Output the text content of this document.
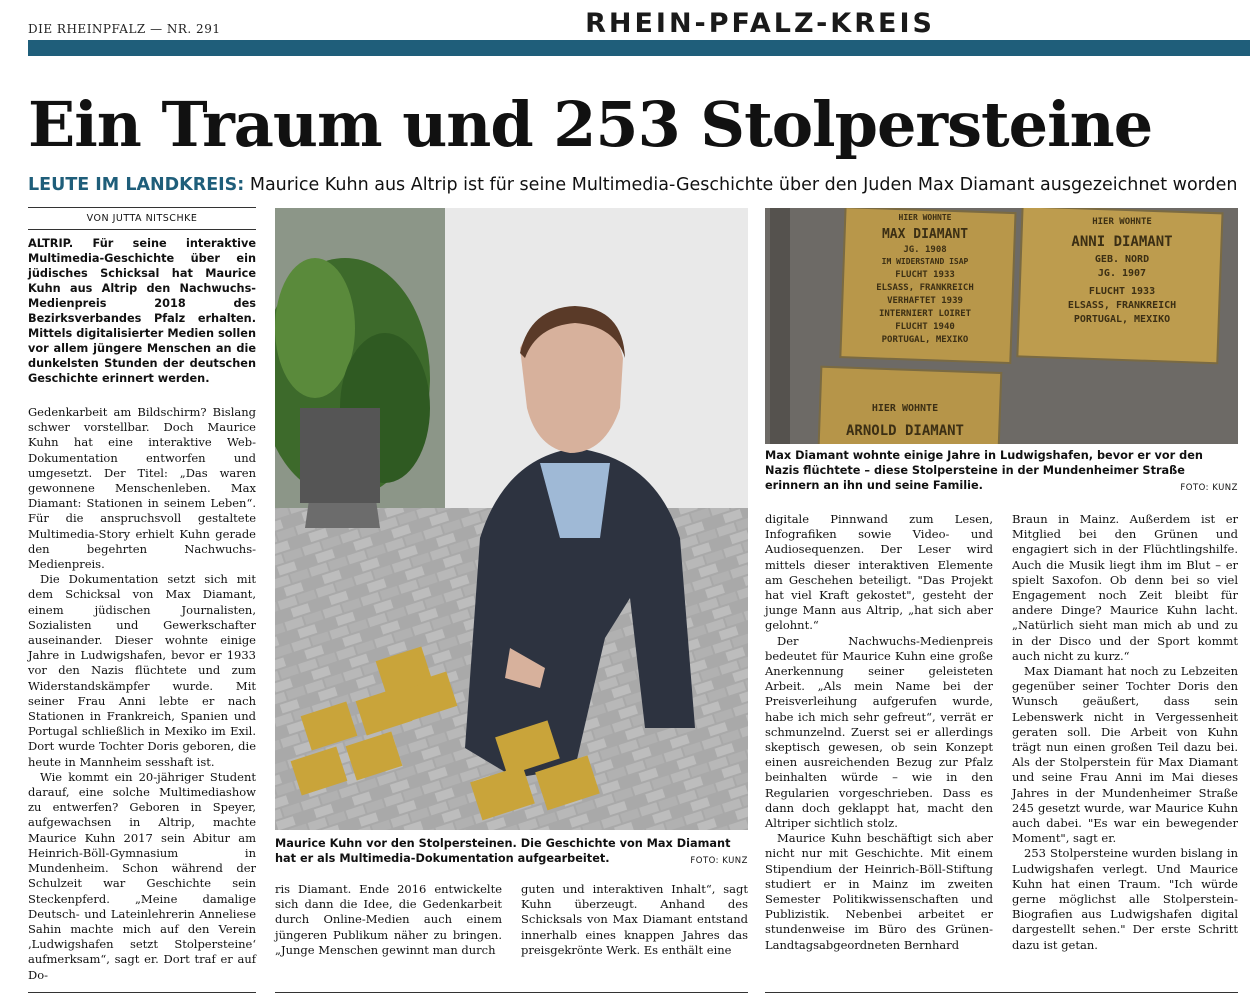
DIE RHEINPFALZ — NR. 291	RHEIN-PFALZ-KREIS
Ein Traum und 253 Stolpersteine
LEUTE IM LANDKREIS: Maurice Kuhn aus Altrip ist für seine Multimedia-Geschichte über den Juden Max Diamant ausgezeichnet worden
VON JUTTA NITSCHKE
ALTRIP. Für seine interaktive Multimedia-Geschichte über ein jüdisches Schicksal hat Maurice Kuhn aus Altrip den Nachwuchs-Medienpreis 2018 des Bezirksverbandes Pfalz erhalten. Mittels digitalisierter Medien sollen vor allem jüngere Menschen an die dunkelsten Stunden der deutschen Geschichte erinnert werden.

Gedenkarbeit am Bildschirm? Bislang schwer vorstellbar. Doch Maurice Kuhn hat eine interaktive Web-Dokumentation entworfen und umgesetzt. Der Titel: „Das waren gewonnene Menschenleben. Max Diamant: Stationen in seinem Leben“. Für die anspruchsvoll gestaltete Multimedia-Story erhielt Kuhn gerade den begehrten Nachwuchs-Medienpreis.

Die Dokumentation setzt sich mit dem Schicksal von Max Diamant, einem jüdischen Journalisten, Sozialisten und Gewerkschafter auseinander. Dieser wohnte einige Jahre in Ludwigshafen, bevor er 1933 vor den Nazis flüchtete und zum Widerstandskämpfer wurde. Mit seiner Frau Anni lebte er nach Stationen in Frankreich, Spanien und Portugal schließlich in Mexiko im Exil. Dort wurde Tochter Doris geboren, die heute in Mannheim sesshaft ist.

Wie kommt ein 20-jähriger Student darauf, eine solche Multimediashow zu entwerfen? Geboren in Speyer, aufgewachsen in Altrip, machte Maurice Kuhn 2017 sein Abitur am Heinrich-Böll-Gymnasium in Mundenheim. Schon während der Schulzeit war Geschichte sein Steckenpferd. „Meine damalige Deutsch- und Lateinlehrerin Anneliese Sahin machte mich auf den Verein ‚Ludwigshafen setzt Stolpersteine‘ aufmerksam“, sagt er. Dort traf er auf Do-

Maurice Kuhn vor den Stolpersteinen. Die Geschichte von Max Diamant hat er als Multimedia-Dokumentation aufgearbeitet.	FOTO: KUNZ

ris Diamant. Ende 2016 entwickelte sich dann die Idee, die Gedenkarbeit durch Online-Medien auch einem jüngeren Publikum näher zu bringen. „Junge Menschen gewinnt man durch

guten und interaktiven Inhalt“, sagt Kuhn überzeugt. Anhand des Schicksals von Max Diamant entstand innerhalb eines knappen Jahres das preisgekrönte Werk. Es enthält eine

HIER WOHNTE
MAX DIAMANT
JG. 1908
IM WIDERSTAND ISAP
FLUCHT 1933
ELSASS, FRANKREICH
VERHAFTET 1939
INTERNIERT LOIRET
FLUCHT 1940
PORTUGAL, MEXIKO
HIER WOHNTE
ANNI DIAMANT
GEB. NORD
JG. 1907
FLUCHT 1933
ELSASS, FRANKREICH
PORTUGAL, MEXIKO
HIER WOHNTE
ARNOLD DIAMANT
Max Diamant wohnte einige Jahre in Ludwigshafen, bevor er vor den Nazis flüchtete – diese Stolpersteine in der Mundenheimer Straße erinnern an ihn und seine Familie.	FOTO: KUNZ

digitale Pinnwand zum Lesen, Infografiken sowie Video- und Audiosequenzen. Der Leser wird mittels dieser interaktiven Elemente am Geschehen beteiligt. "Das Projekt hat viel Kraft gekostet", gesteht der junge Mann aus Altrip, „hat sich aber gelohnt.“

Der Nachwuchs-Medienpreis bedeutet für Maurice Kuhn eine große Anerkennung seiner geleisteten Arbeit. „Als mein Name bei der Preisverleihung aufgerufen wurde, habe ich mich sehr gefreut“, verrät er schmunzelnd. Zuerst sei er allerdings skeptisch gewesen, ob sein Konzept einen ausreichenden Bezug zur Pfalz beinhalten würde – wie in den Regularien vorgeschrieben. Dass es dann doch geklappt hat, macht den Altriper sichtlich stolz.

Maurice Kuhn beschäftigt sich aber nicht nur mit Geschichte. Mit einem Stipendium der Heinrich-Böll-Stiftung studiert er in Mainz im zweiten Semester Politikwissenschaften und Publizistik. Nebenbei arbeitet er stundenweise im Büro des Grünen-Landtagsabgeordneten Bernhard

Braun in Mainz. Außerdem ist er Mitglied bei den Grünen und engagiert sich in der Flüchtlingshilfe. Auch die Musik liegt ihm im Blut – er spielt Saxofon. Ob denn bei so viel Engagement noch Zeit bleibt für andere Dinge? Maurice Kuhn lacht. „Natürlich sieht man mich ab und zu in der Disco und der Sport kommt auch nicht zu kurz.“

Max Diamant hat noch zu Lebzeiten gegenüber seiner Tochter Doris den Wunsch geäußert, dass sein Lebenswerk nicht in Vergessenheit geraten soll. Die Arbeit von Kuhn trägt nun einen großen Teil dazu bei. Als der Stolperstein für Max Diamant und seine Frau Anni im Mai dieses Jahres in der Mundenheimer Straße 245 gesetzt wurde, war Maurice Kuhn auch dabei. "Es war ein bewegender Moment", sagt er.

253 Stolpersteine wurden bislang in Ludwigshafen verlegt. Und Maurice Kuhn hat einen Traum. "Ich würde gerne möglichst alle Stolperstein-Biografien aus Ludwigshafen digital dargestellt sehen." Der erste Schritt dazu ist getan.
